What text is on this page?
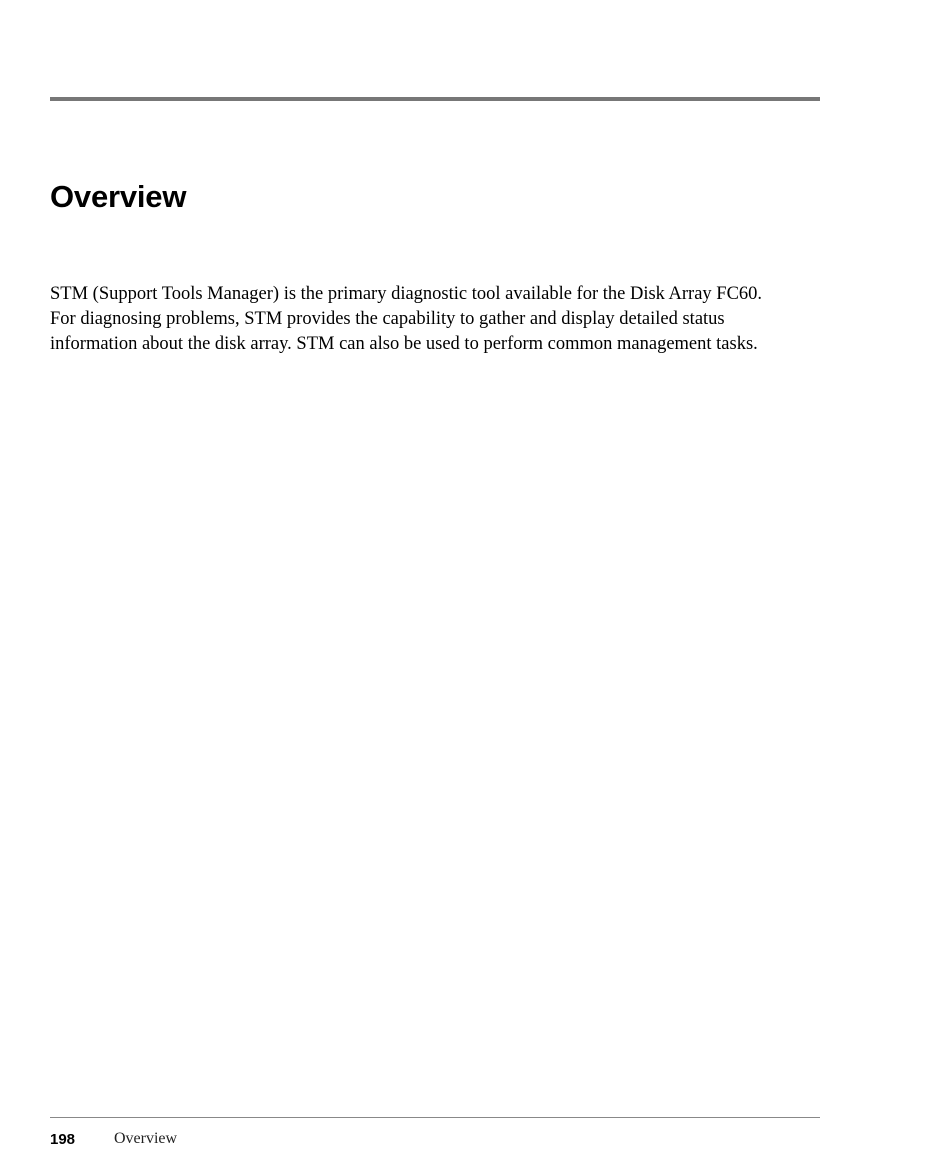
Overview

STM (Support Tools Manager) is the primary diagnostic tool available for the Disk Array FC60. For diagnosing problems, STM provides the capability to gather and display detailed status information about the disk array. STM can also be used to perform common management tasks.

198	Overview
